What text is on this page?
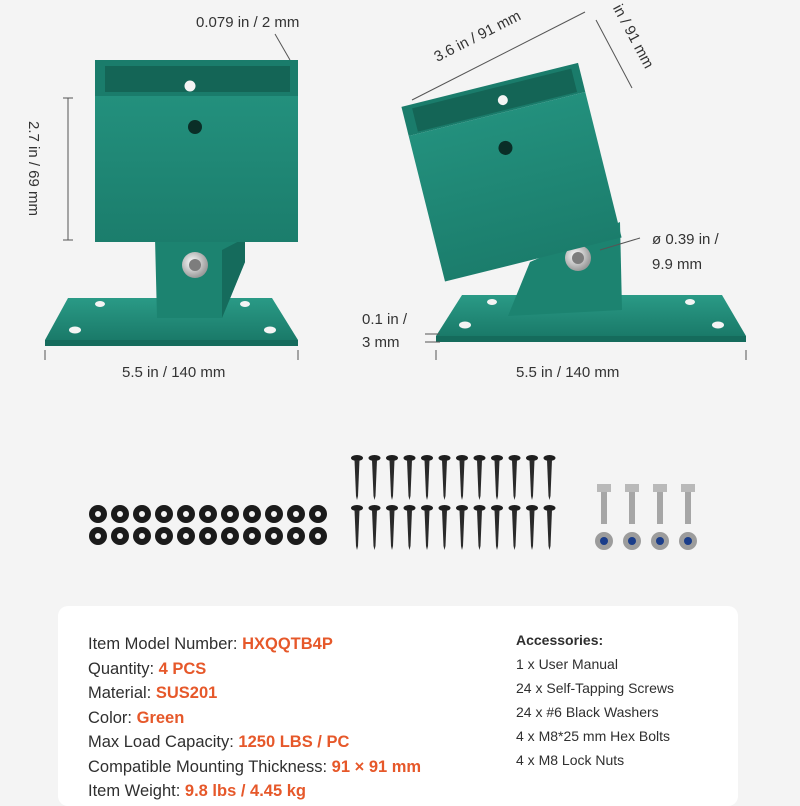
0.079 in / 2 mm
2.7 in / 69 mm
5.5 in / 140 mm
3.6 in / 91 mm	in / 91 mm
ø 0.39 in /
9.9 mm
0.1 in /
3 mm
5.5 in / 140 mm
Item Model Number: HXQQTB4P
Quantity: 4 PCS
Material: SUS201
Color: Green
Max Load Capacity: 1250 LBS / PC
Compatible Mounting Thickness: 91 × 91 mm
Item Weight: 9.8 lbs / 4.45 kg
Accessories:
1 x User Manual
24 x Self-Tapping Screws
24 x #6 Black Washers
4 x M8*25 mm Hex Bolts
4 x M8 Lock Nuts
